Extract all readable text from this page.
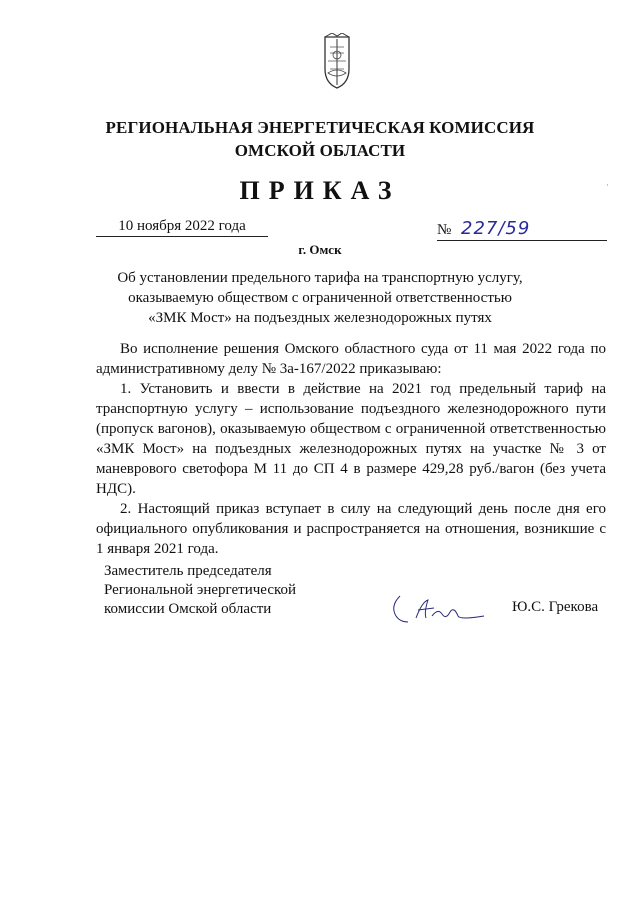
РЕГИОНАЛЬНАЯ ЭНЕРГЕТИЧЕСКАЯ КОМИССИЯ
ОМСКОЙ ОБЛАСТИ
ПРИКАЗ
10 ноября 2022 года	№ 227/59
г. Омск
Об установлении предельного тарифа на транспортную услугу,
оказываемую обществом с ограниченной ответственностью
«ЗМК Мост» на подъездных железнодорожных путях

Во исполнение решения Омского областного суда от 11 мая 2022 года по административному делу № 3а-167/2022 приказываю:

1. Установить и ввести в действие на 2021 год предельный тариф на транспортную услугу – использование подъездного железнодорожного пути (пропуск вагонов), оказываемую обществом с ограниченной ответственностью «ЗМК Мост» на подъездных железнодорожных путях на участке № 3 от маневрового светофора М 11 до СП 4 в размере 429,28 руб./вагон (без учета НДС).

2. Настоящий приказ вступает в силу на следующий день после дня его официального опубликования и распространяется на отношения, возникшие с 1 января 2021 года.

Заместитель председателя
Региональной энергетической
комиссии Омской области	Ю.С. Грекова
·
